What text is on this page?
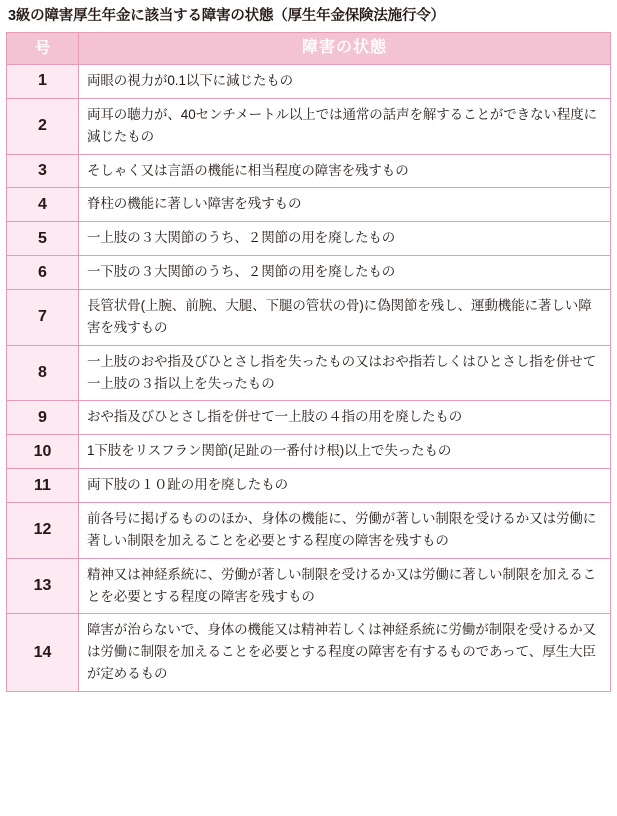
3級の障害厚生年金に該当する障害の状態（厚生年金保険法施行令）
号	障害の状態
1	両眼の視力が0.1以下に減じたもの
2	両耳の聴力が、40センチメートル以上では通常の話声を解することができない程度に減じたもの
3	そしゃく又は言語の機能に相当程度の障害を残すもの
4	脊柱の機能に著しい障害を残すもの
5	一上肢の３大関節のうち、２関節の用を廃したもの
6	一下肢の３大関節のうち、２関節の用を廃したもの
7	長管状骨(上腕、前腕、大腿、下腿の管状の骨)に偽関節を残し、運動機能に著しい障害を残すもの
8	一上肢のおや指及びひとさし指を失ったもの又はおや指若しくはひとさし指を併せて一上肢の３指以上を失ったもの
9	おや指及びひとさし指を併せて一上肢の４指の用を廃したもの
10	1下肢をリスフラン関節(足趾の一番付け根)以上で失ったもの
11	両下肢の１０趾の用を廃したもの
12	前各号に掲げるもののほか、身体の機能に、労働が著しい制限を受けるか又は労働に著しい制限を加えることを必要とする程度の障害を残すもの
13	精神又は神経系統に、労働が著しい制限を受けるか又は労働に著しい制限を加えることを必要とする程度の障害を残すもの
14	障害が治らないで、身体の機能又は精神若しくは神経系統に労働が制限を受けるか又は労働に制限を加えることを必要とする程度の障害を有するものであって、厚生大臣が定めるもの
